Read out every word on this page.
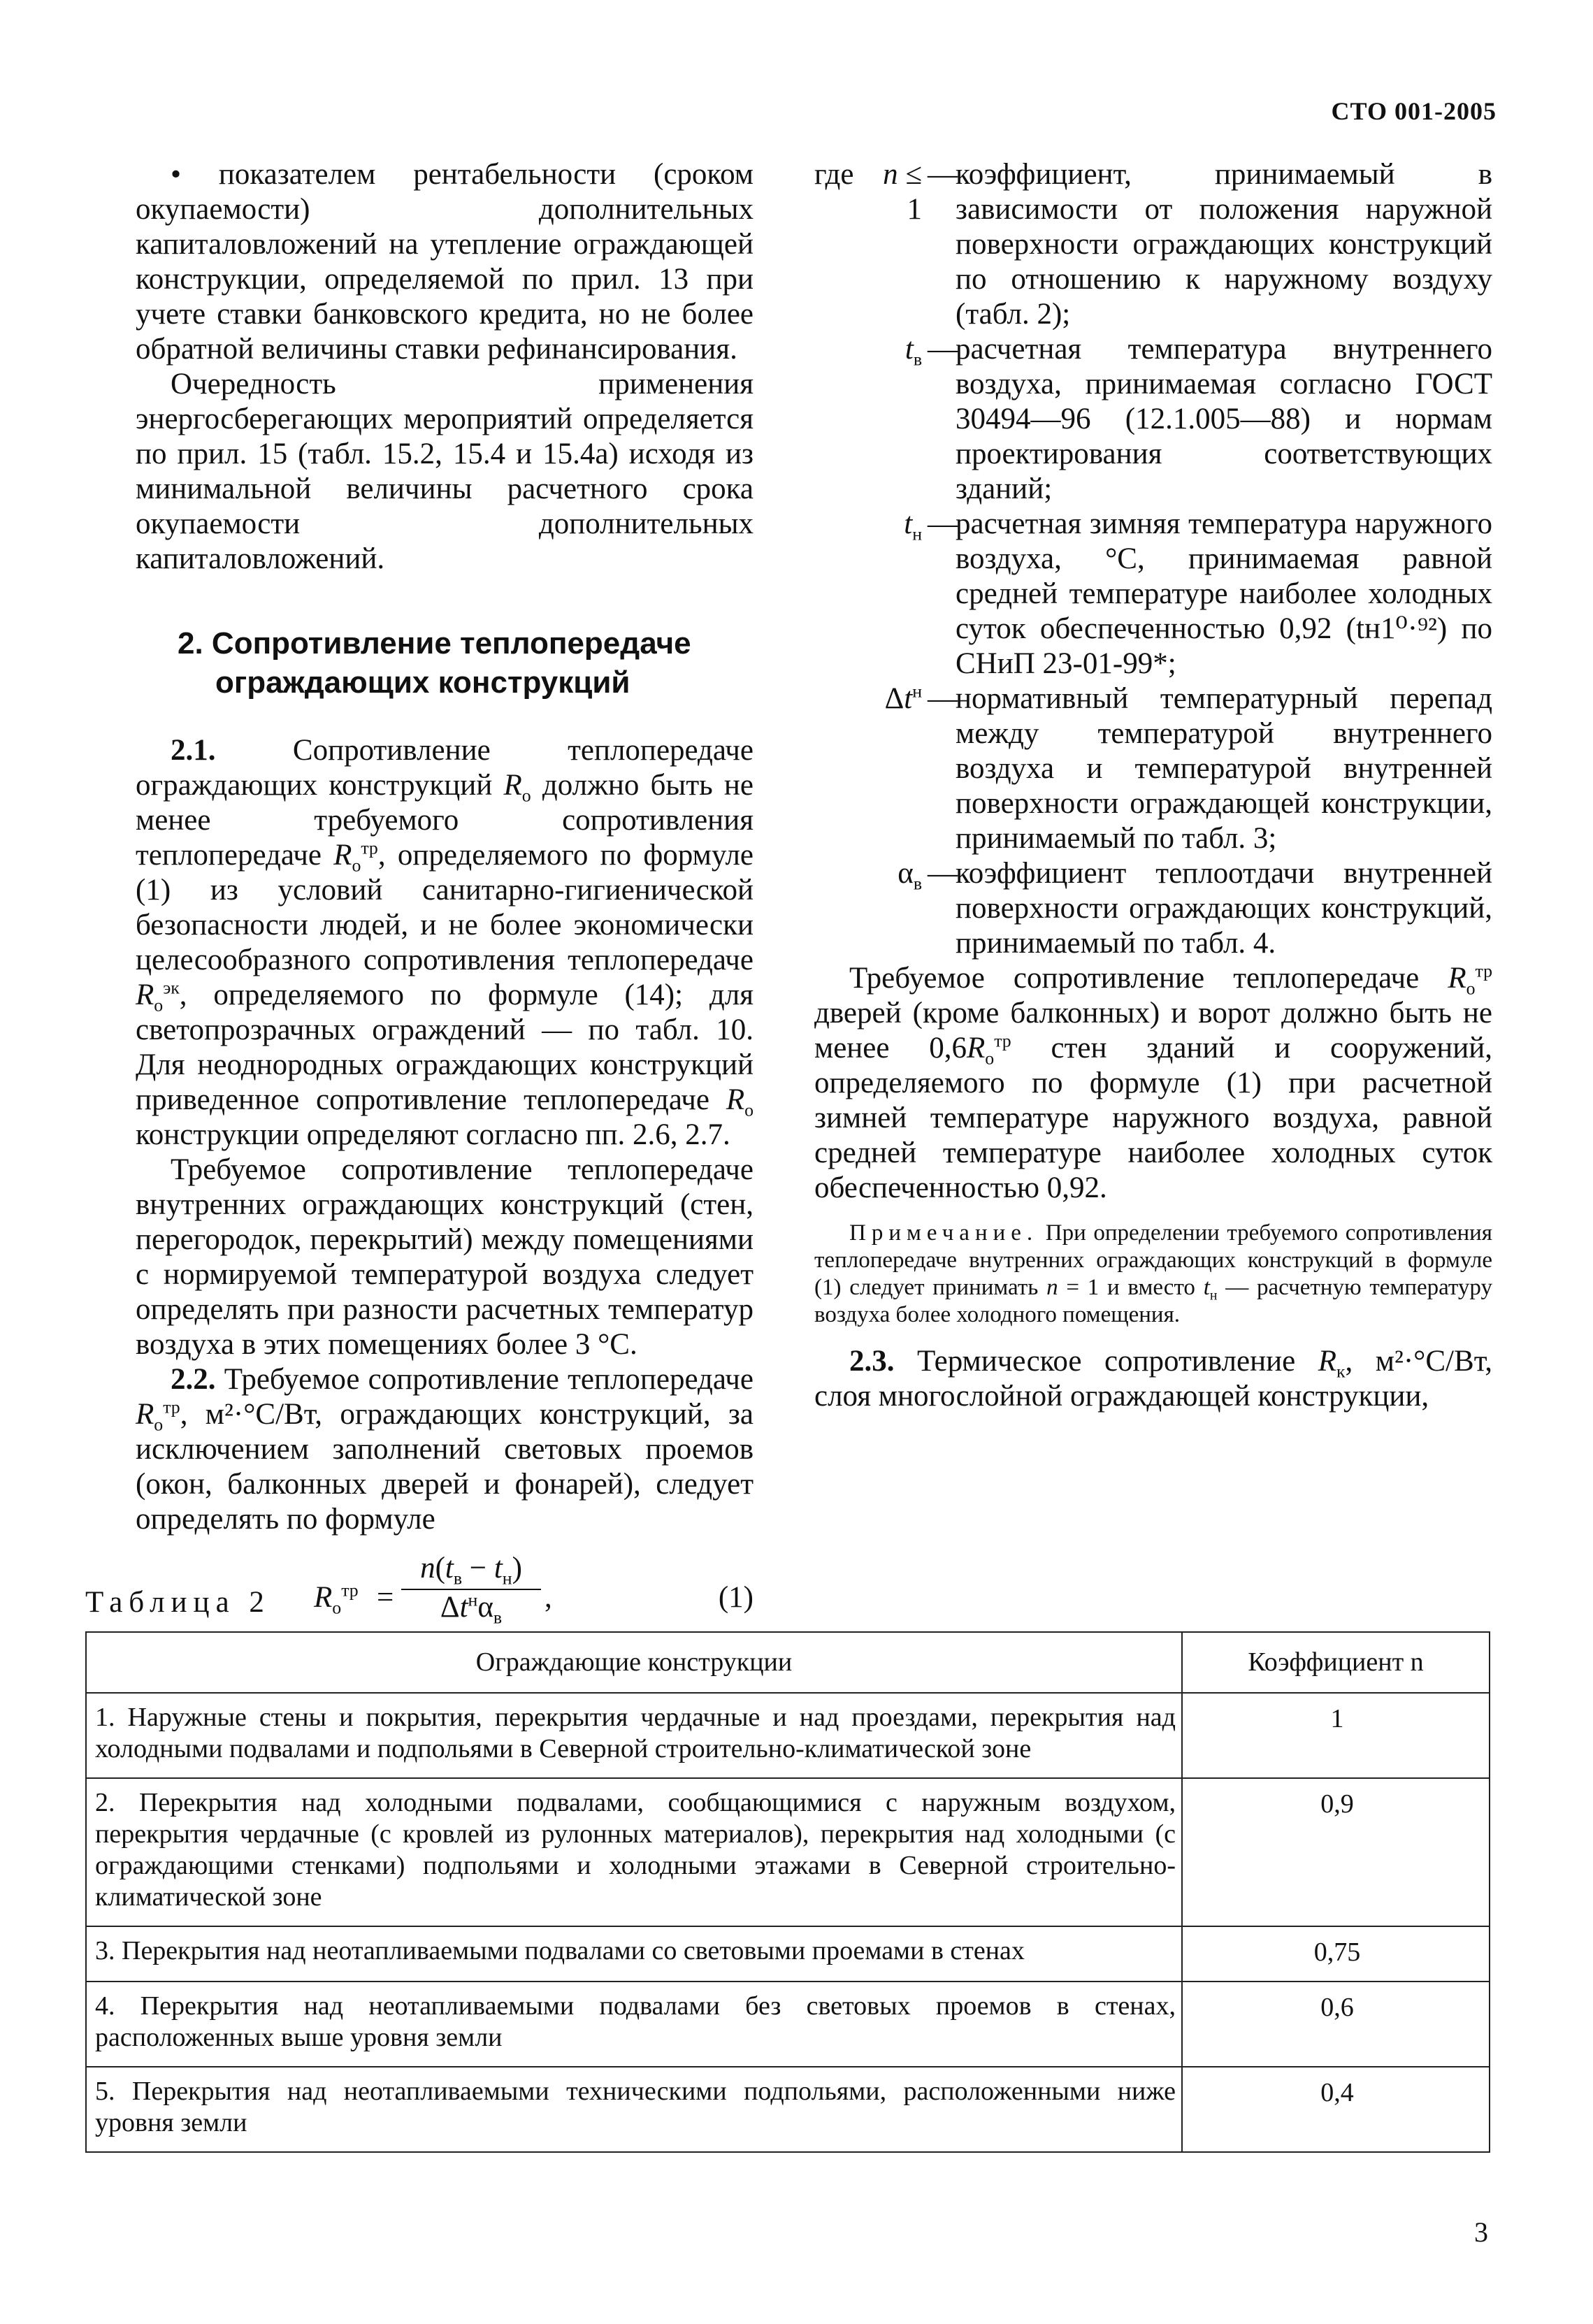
СТО 001-2005

• показателем рентабельности (сроком окупаемости) дополнительных капиталовложений на утепление ограждающей конструкции, определяемой по прил. 13 при учете ставки банковского кредита, но не более обратной величины ставки рефинансирования.

Очередность применения энергосберегающих мероприятий определяется по прил. 15 (табл. 15.2, 15.4 и 15.4а) исходя из минимальной величины расчетного срока окупаемости дополнительных капиталовложений.

2. Сопротивление теплопередаче
ограждающих конструкций

2.1. Сопротивление теплопередаче ограждающих конструкций $R_о$ должно быть не менее требуемого сопротивления теплопередаче $R_о^{тр}$, определяемого по формуле (1) из условий санитарно-гигиенической безопасности людей, и не более экономически целесообразного сопротивления теплопередаче $R_о^{эк}$, определяемого по формуле (14); для светопрозрачных ограждений — по табл. 10. Для неоднородных ограждающих конструкций приведенное сопротивление теплопередаче $R_о$ конструкции определяют согласно пп. 2.6, 2.7.

Требуемое сопротивление теплопередаче внутренних ограждающих конструкций (стен, перегородок, перекрытий) между помещениями с нормируемой температурой воздуха следует определять при разности расчетных температур воздуха в этих помещениях более 3 °С.

2.2. Требуемое сопротивление теплопередаче $R_о^{тр}$, м²·°С/Вт, ограждающих конструкций, за исключением заполнений световых проемов (окон, балконных дверей и фонарей), следует определять по формуле

$R_о^{тр}$ =
$n(t_в - t_н)$
$\Delta t^н\alpha_в$
,	(1)
где n ≤ 1
—
коэффициент, принимаемый в зависимости от положения наружной поверхности ограждающих конструкций по отношению к наружному воздуху (табл. 2);
$t_в$ —
расчетная температура внутреннего воздуха, принимаемая согласно ГОСТ 30494—96 (12.1.005—88) и нормам проектирования соответствующих зданий;
$t_н$ —
расчетная зимняя температура наружного воздуха, °С, принимаемая равной средней температуре наиболее холодных суток обеспеченностью 0,92 (tн1⁰·⁹²) по СНиП 23-01-99*;
$\Delta t^н$ —
нормативный температурный перепад между температурой внутреннего воздуха и температурой внутренней поверхности ограждающей конструкции, принимаемый по табл. 3;
$\alpha_в$ —
коэффициент теплоотдачи внутренней поверхности ограждающих конструкций, принимаемый по табл. 4.

Требуемое сопротивление теплопередаче $R_о^{тр}$ дверей (кроме балконных) и ворот должно быть не менее $0,6R_о^{тр}$ стен зданий и сооружений, определяемого по формуле (1) при расчетной зимней температуре наружного воздуха, равной средней температуре наиболее холодных суток обеспеченностью 0,92.

Примечание. При определении требуемого сопротивления теплопередаче внутренних ограждающих конструкций в формуле (1) следует принимать n = 1 и вместо $t_н$ — расчетную температуру воздуха более холодного помещения.

2.3. Термическое сопротивление $R_к$, м²·°С/Вт, слоя многослойной ограждающей конструкции,

Таблица 2
Ограждающие конструкции	Коэффициент n
1. Наружные стены и покрытия, перекрытия чердачные и над проездами, перекрытия над холодными подвалами и подпольями в Северной строительно-климатической зоне	1
2. Перекрытия над холодными подвалами, сообщающимися с наружным воздухом, перекрытия чердачные (с кровлей из рулонных материалов), перекрытия над холодными (с ограждающими стенками) подпольями и холодными этажами в Северной строительно-климатической зоне	0,9
3. Перекрытия над неотапливаемыми подвалами со световыми проемами в стенах	0,75
4. Перекрытия над неотапливаемыми подвалами без световых проемов в стенах, расположенных выше уровня земли	0,6
5. Перекрытия над неотапливаемыми техническими подпольями, расположенными ниже уровня земли	0,4
3
